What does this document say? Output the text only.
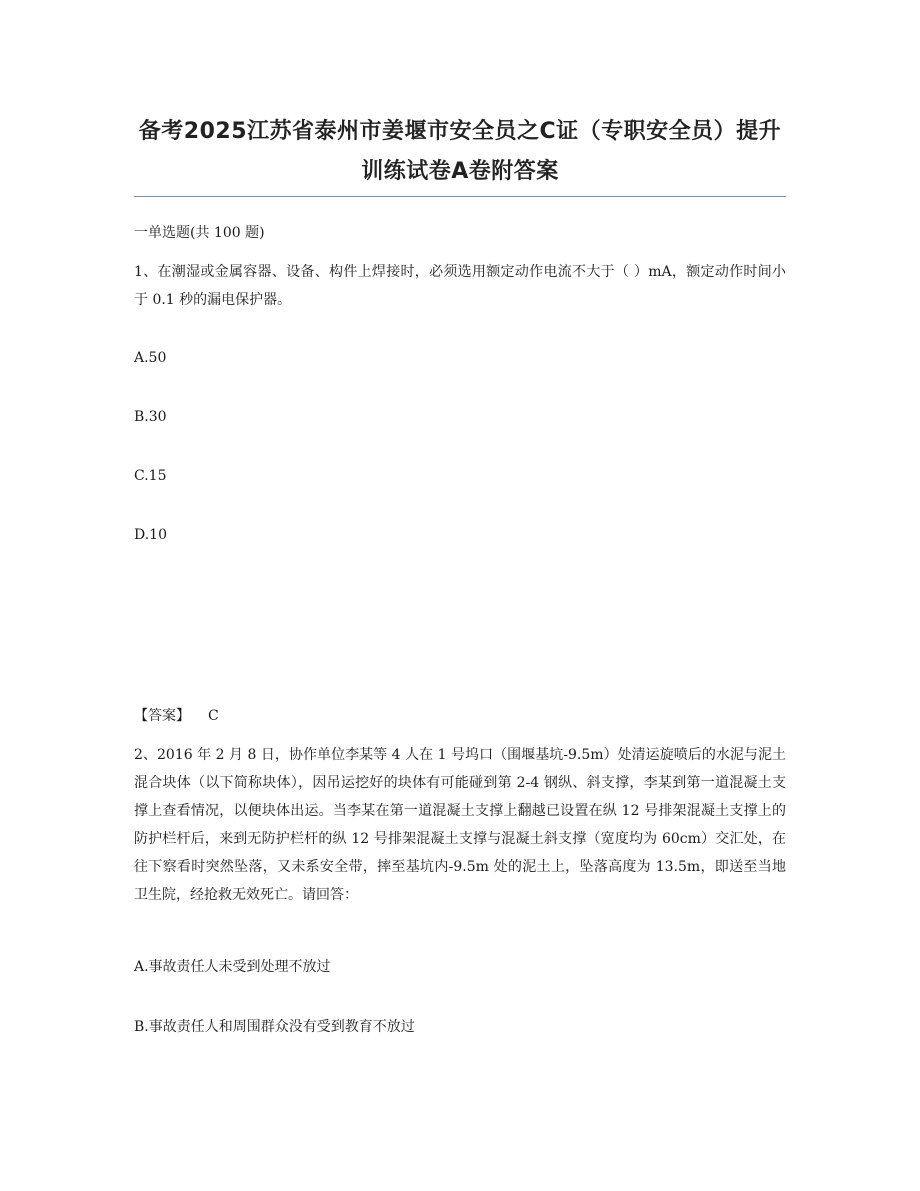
备考2025江苏省泰州市姜堰市安全员之C证（专职安全员）提升训练试卷A卷附答案
一单选题(共 100 题)
1、在潮湿或金属容器、设备、构件上焊接时，必须选用额定动作电流不大于（ ）mA，额定动作时间小于 0.1 秒的漏电保护器。
A.50
B.30
C.15
D.10
【答案】 C
2、2016 年 2 月 8 日，协作单位李某等 4 人在 1 号坞口（围堰基坑-9.5m）处清运旋喷后的水泥与泥土混合块体（以下简称块体），因吊运挖好的块体有可能碰到第 2-4 钢纵、斜支撑，李某到第一道混凝土支撑上查看情况，以便块体出运。当李某在第一道混凝土支撑上翻越已设置在纵 12 号排架混凝土支撑上的防护栏杆后，来到无防护栏杆的纵 12 号排架混凝土支撑与混凝土斜支撑（宽度均为 60cm）交汇处，在往下察看时突然坠落，又未系安全带，摔至基坑内-9.5m 处的泥土上，坠落高度为 13.5m，即送至当地卫生院，经抢救无效死亡。请回答：
A.事故责任人未受到处理不放过
B.事故责任人和周围群众没有受到教育不放过
